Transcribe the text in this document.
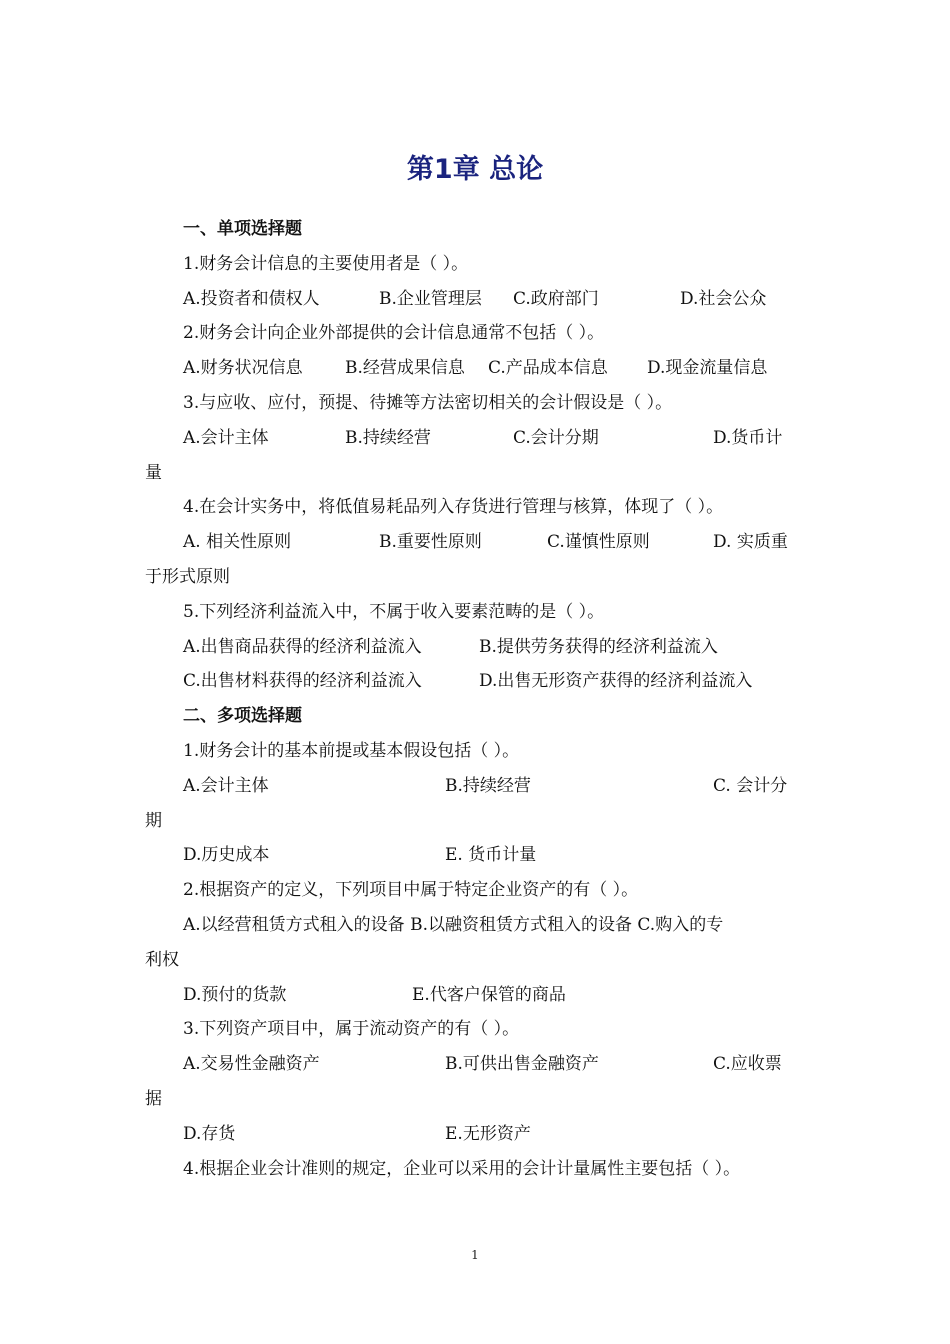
第1章 总论
一、单项选择题
1.财务会计信息的主要使用者是（ ）。
A.投资者和债权人	B.企业管理层 C.政府部门	D.社会公众
2.财务会计向企业外部提供的会计信息通常不包括（ ）。
A.财务状况信息 B.经营成果信息 C.产品成本信息 D.现金流量信息
3.与应收、应付，预提、待摊等方法密切相关的会计假设是（ ）。
A.会计主体	B.持续经营	C.会计分期	D.货币计
量
4.在会计实务中，将低值易耗品列入存货进行管理与核算，体现了（ ）。
A. 相关性原则	B.重要性原则	C.谨慎性原则	D. 实质重
于形式原则
5.下列经济利益流入中，不属于收入要素范畴的是（ ）。
A.出售商品获得的经济利益流入	B.提供劳务获得的经济利益流入
C.出售材料获得的经济利益流入	D.出售无形资产获得的经济利益流入
二、多项选择题
1.财务会计的基本前提或基本假设包括（ ）。
A.会计主体	B.持续经营	C. 会计分
期
D.历史成本	E. 货币计量
2.根据资产的定义，下列项目中属于特定企业资产的有（ ）。
A.以经营租赁方式租入的设备 B.以融资租赁方式租入的设备 C.购入的专
利权
D.预付的货款	E.代客户保管的商品
3.下列资产项目中，属于流动资产的有（ ）。
A.交易性金融资产	B.可供出售金融资产	C.应收票
据
D.存货	E.无形资产
4.根据企业会计准则的规定，企业可以采用的会计计量属性主要包括（ ）。
1
